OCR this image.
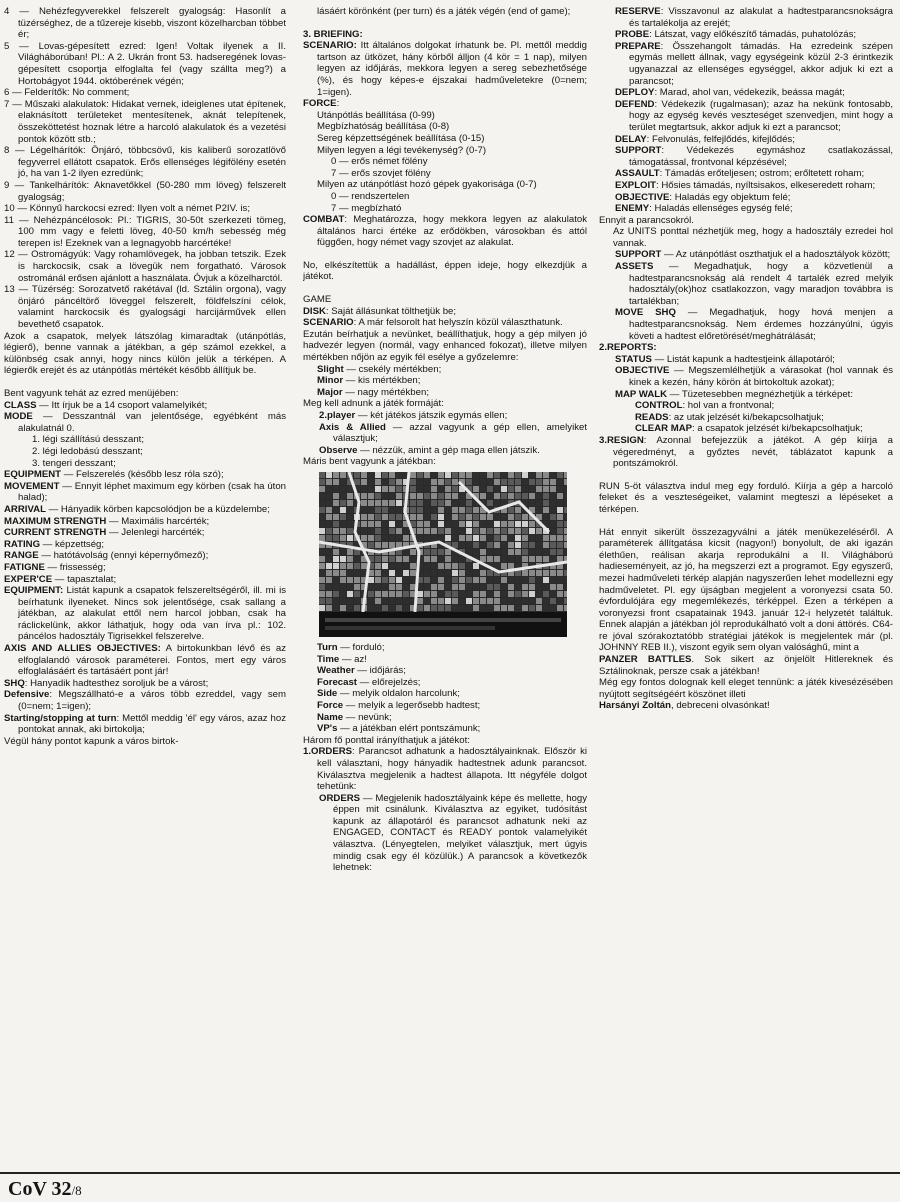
4 — Nehézfegyverekkel felszerelt gyalogság: Hasonlít a tüzérséghez, de a tűzereje kisebb, viszont közelharcban többet ér;

5 — Lovas-gépesített ezred: Igen! Voltak ilyenek a II. Világháborúban! Pl.: A 2. Ukrán front 53. hadseregének lovas-gépesített csoportja elfoglalta fel (vagy szállta meg?) a Hortobágyot 1944. októberének végén;

6 — Felderítők: No comment;

7 — Műszaki alakulatok: Hidakat vernek, ideiglenes utat építenek, elaknásított területeket mentesítenek, aknát telepítenek, összeköttetést hoznak létre a harcoló alakulatok és a vezetési pontok között stb.;

8 — Légelhárítók: Önjáró, többcsövű, kis kaliberű sorozatlövő fegyverrel ellátott csapatok. Erős ellenséges légifölény esetén jó, ha van 1-2 ilyen ezredünk;

9 — Tankelhárítók: Aknavetőkkel (50-280 mm löveg) felszerelt gyalogság;

10 — Könnyű harckocsi ezred: Ilyen volt a német P2IV. is;

11 — Nehézpáncélosok: Pl.: TIGRIS, 30-50t szerkezeti tömeg, 100 mm vagy e feletti löveg, 40-50 km/h sebesség még terepen is! Ezeknek van a legnagyobb harcértéke!

12 — Ostromágyúk: Vagy rohamlövegek, ha jobban tetszik. Ezek is harckocsik, csak a lövegük nem forgatható. Városok ostrománál erősen ajánlott a használata. Óvjuk a közelharctól.

13 — Tüzérség: Sorozatvető rakétával (ld. Sztálin orgona), vagy önjáró páncéltörő löveggel felszerelt, földfelszíni célok, valamint harckocsik és gyalogsági harcijárművek ellen bevethető csapatok.

Azok a csapatok, melyek látszólag kimaradtak (utánpótlás, légierő), benne vannak a játékban, a gép számol ezekkel, a különbség csak annyi, hogy nincs külön jelük a térképen. A légierők erejét és az utánpótlás mértékét később állítjuk be.

Bent vagyunk tehát az ezred menüjében:

CLASS — Itt írjuk be a 14 csoport valamelyikét;

MODE — Desszantnál van jelentősége, egyébként más alakulatnál 0.

1. légi szállítású desszant;

2. légi ledobású desszant;

3. tengeri desszant;

EQUIPMENT — Felszerelés (később lesz róla szó);

MOVEMENT — Ennyit léphet maximum egy körben (csak ha úton halad);

ARRIVAL — Hányadik körben kapcsolódjon be a küzdelembe;

MAXIMUM STRENGTH — Maximális harcérték;

CURRENT STRENGTH — Jelenlegi harcérték;

RATING — képzettség;

RANGE — hatótávolság (ennyi képernyőmező);

FATIGNE — frissesség;

EXPER'CE — tapasztalat;

EQUIPMENT: Listát kapunk a csapatok felszereltségéről, ill. mi is beírhatunk ilyeneket. Nincs sok jelentősége, csak sallang a játékban, az alakulat ettől nem harcol jobban, csak ha ráclickelünk, akkor láthatjuk, hogy oda van írva pl.: 102. páncélos hadosztály Tigrisekkel felszerelve.

AXIS AND ALLIES OBJECTIVES: A birtokunkban lévő és az elfoglalandó városok paraméterei. Fontos, mert egy város elfoglalásáért és tartásáért pont jár!

SHQ: Hanyadik hadtesthez soroljuk be a várost;

Defensive: Megszállható-e a város több ezreddel, vagy sem (0=nem; 1=igen);

Starting/stopping at turn: Mettől meddig 'él' egy város, azaz hoz pontokat annak, aki birtokolja;

Végül hány pontot kapunk a város birtok-

lásáért körönként (per turn) és a játék végén (end of game);

3. BRIEFING:

SCENARIO: Itt általános dolgokat írhatunk be. Pl. mettől meddig tartson az ütközet, hány körből álljon (4 kör = 1 nap), milyen legyen az időjárás, mekkora legyen a sereg sebezhetősége (%), és hogy képes-e éjszakai hadműveletekre (0=nem; 1=igen).

FORCE:

Utánpótlás beállítása (0-99)

Megbízhatóság beállítása (0-8)

Sereg képzettségének beállítása (0-15)

Milyen legyen a légi tevékenység? (0-7)

0 — erős német fölény

7 — erős szovjet fölény

Milyen az utánpótlást hozó gépek gyakorisága (0-7)

0 — rendszertelen

7 — megbízható

COMBAT: Meghatározza, hogy mekkora legyen az alakulatok általános harci értéke az erődökben, városokban és attól függően, hogy német vagy szovjet az alakulat.

No, elkészítettük a hadállást, éppen ideje, hogy elkezdjük a játékot.

GAME

DISK: Saját állásunkat tölthetjük be;

SCENARIO: A már felsorolt hat helyszín közül választhatunk.

Ezután beírhatjuk a nevünket, beállíthatjuk, hogy a gép milyen jó hadvezér legyen (normál, vagy enhanced fokozat), illetve milyen mértékben nőjön az egyik fél esélye a győzelemre:

Slight — csekély mértékben;

Minor — kis mértékben;

Major — nagy mértékben;

Meg kell adnunk a játék formáját:

2.player — két játékos játszik egymás ellen;

Axis & Allied — azzal vagyunk a gép ellen, amelyiket választjuk;

Observe — nézzük, amint a gép maga ellen játszik.

Máris bent vagyunk a játékban:

Turn — forduló;

Time — az!

Weather — időjárás;

Forecast — előrejelzés;

Side — melyik oldalon harcolunk;

Force — melyik a legerősebb hadtest;

Name — nevünk;

VP's — a játékban elért pontszámunk;

Három fő ponttal irányíthatjuk a játékot:

1.ORDERS: Parancsot adhatunk a hadosztályainknak. Először ki kell választani, hogy hányadik hadtestnek adunk parancsot. Kiválasztva megjelenik a hadtest állapota. Itt négyféle dolgot tehetünk:

ORDERS — Megjelenik hadosztályaink képe és mellette, hogy éppen mit csinálunk. Kiválasztva az egyiket, tudósítást kapunk az állapotáról és parancsot adhatunk neki az ENGAGED, CONTACT és READY pontok valamelyikét választva. (Lényegtelen, melyiket választjuk, mert úgyis mindig csak egy él közülük.) A parancsok a következők lehetnek:

RESERVE: Visszavonul az alakulat a hadtestparancsnokságra és tartalékolja az erejét;

PROBE: Látszat, vagy előkészítő támadás, puhatolózás;

PREPARE: Összehangolt támadás. Ha ezredeink szépen egymás mellett állnak, vagy egységeink közül 2-3 érintkezik ugyanazzal az ellenséges egységgel, akkor adjuk ki ezt a parancsot;

DEPLOY: Marad, ahol van, védekezik, beássa magát;

DEFEND: Védekezik (rugalmasan); azaz ha nekünk fontosabb, hogy az egység kevés veszteséget szenvedjen, mint hogy a terület megtartsuk, akkor adjuk ki ezt a parancsot;

DELAY: Felvonulás, felfejlődés, kifejlődés;

SUPPORT: Védekezés egymáshoz csatlakozással, támogatással, frontvonal képzésével;

ASSAULT: Támadás erőteljesen; ostrom; erőltetett roham;

EXPLOIT: Hősies támadás, nyíltsisakos, elkeseredett roham;

OBJECTIVE: Haladás egy objektum felé;

ENEMY: Haladás ellenséges egység felé;

Ennyit a parancsokról.

Az UNITS ponttal nézhetjük meg, hogy a hadosztály ezredei hol vannak.

SUPPORT — Az utánpótlást oszthatjuk el a hadosztályok között;

ASSETS — Megadhatjuk, hogy a közvetlenül a hadtestparancsnokság alá rendelt 4 tartalék ezred melyik hadosztály(ok)hoz csatlakozzon, vagy maradjon továbbra is tartalékban;

MOVE SHQ — Megadhatjuk, hogy hová menjen a hadtestparancsnokság. Nem érdemes hozzányúlni, úgyis követi a hadtest előretörését/meghátrálását;

2.REPORTS:

STATUS — Listát kapunk a hadtestjeink állapotáról;

OBJECTIVE — Megszemlélhetjük a várasokat (hol vannak és kinek a kezén, hány körön át birtokoltuk azokat);

MAP WALK — Tüzetesebben megnézhetjük a térképet:

CONTROL: hol van a frontvonal;

READS: az utak jelzését ki/bekapcsolhatjuk;

CLEAR MAP: a csapatok jelzését ki/bekapcsolhatjuk;

3.RESIGN: Azonnal befejezzük a játékot. A gép kiírja a végeredményt, a győztes nevét, táblázatot kapunk a pontszámokról.

RUN 5-öt választva indul meg egy forduló. Kiírja a gép a harcoló feleket és a veszteségeiket, valamint megteszi a lépéseket a térképen.

Hát ennyit sikerült összezagyválni a játék menükezeléséről. A paraméterek állítgatása kicsit (nagyon!) bonyolult, de aki igazán élethűen, reálisan akarja reprodukálni a II. Világháború hadieseményeit, az jó, ha megszerzi ezt a programot. Egy egyszerű, mezei hadműveleti térkép alapján nagyszerűen lehet modellezni egy hadműveletet. Pl. egy újságban megjelent a voronyezsi csata 50. évfordulójára egy megemlékezés, térképpel. Ezen a térképen a voronyezsi front csapatainak 1943. január 12-i helyzetét találtuk. Ennek alapján a játékban jól reprodukálható volt a doni áttörés. C64-re jóval szórakoztatóbb stratégiai játékok is megjelentek már (pl. JOHNNY REB II.), viszont egyik sem olyan valósághű, mint a

PANZER BATTLES. Sok sikert az önjelölt Hitlereknek és Sztálinoknak, persze csak a játékban!

Még egy fontos dolognak kell eleget tennünk: a játék kivesézésében nyújtott segítségéért köszönet illeti

Harsányi Zoltán, debreceni olvasónkat!

CoV 32/8
